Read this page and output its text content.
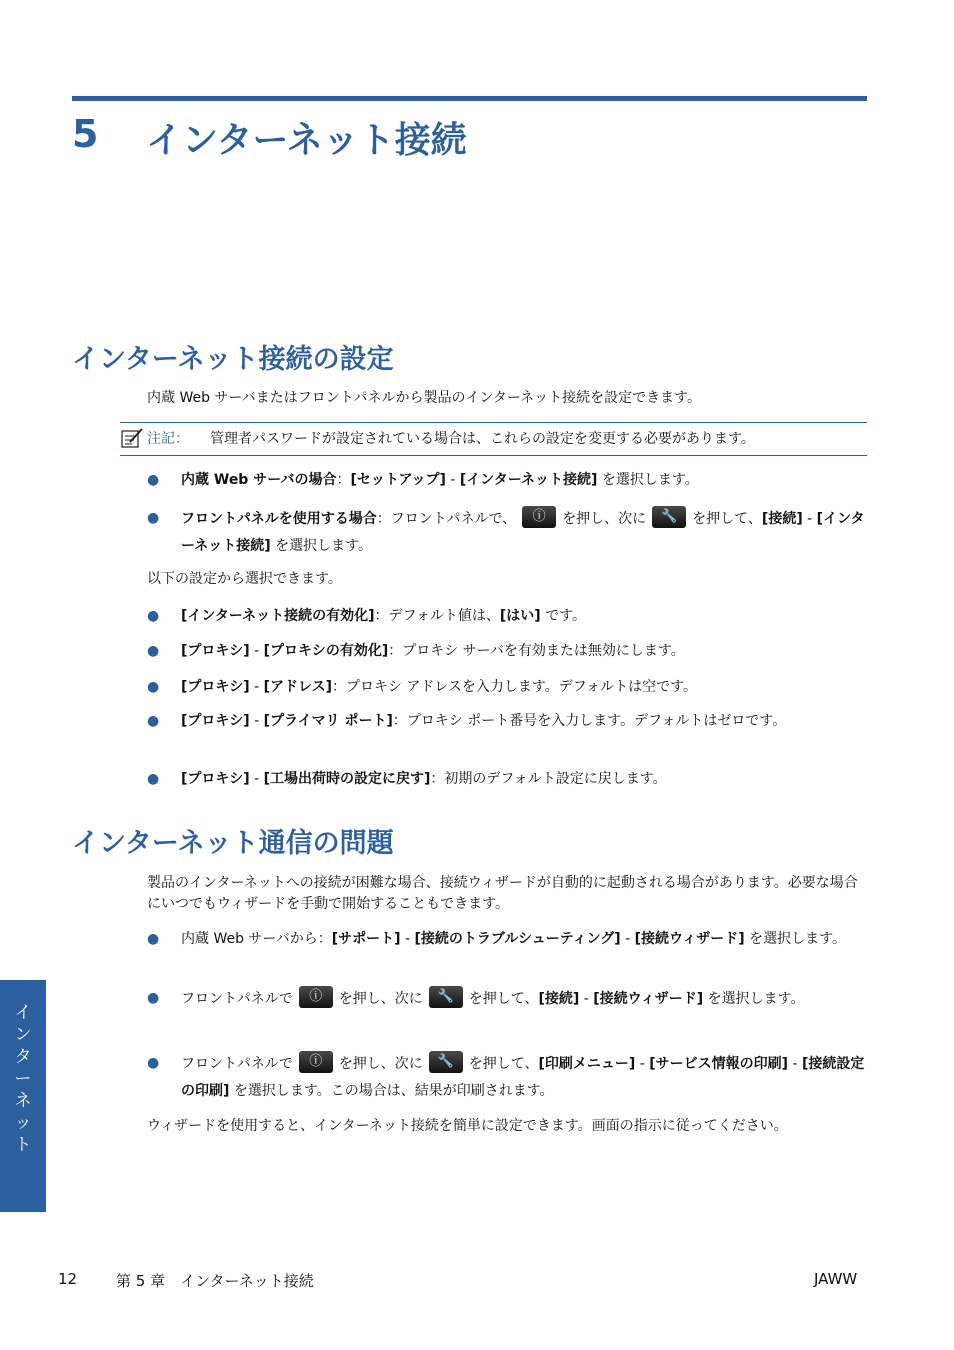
5 インターネット接続
インターネット接続の設定
内蔵 Web サーバまたはフロントパネルから製品のインターネット接続を設定できます。
注記： 管理者パスワードが設定されている場合は、これらの設定を変更する必要があります。
● 内蔵 Web サーバの場合：[セットアップ] - [インターネット接続] を選択します。
● フロントパネルを使用する場合：フロントパネルで、	ⓘ	を押し、次に	🔧	を押して、[接続] - [インターネット接続] を選択します。
以下の設定から選択できます。
● [インターネット接続の有効化]：デフォルト値は、[はい] です。
● [プロキシ] - [プロキシの有効化]：プロキシ サーバを有効または無効にします。
● [プロキシ] - [アドレス]：プロキシ アドレスを入力します。デフォルトは空です。
● [プロキシ] - [プライマリ ポート]：プロキシ ポート番号を入力します。デフォルトはゼロです。
● [プロキシ] - [工場出荷時の設定に戻す]：初期のデフォルト設定に戻します。
インターネット通信の問題
製品のインターネットへの接続が困難な場合、接続ウィザードが自動的に起動される場合があります。必要な場合にいつでもウィザードを手動で開始することもできます。
● 内蔵 Web サーバから：[サポート] - [接続のトラブルシューティング] - [接続ウィザード] を選択します。
● フロントパネルで	ⓘ	を押し、次に	🔧	を押して、[接続] - [接続ウィザード] を選択します。
● フロントパネルで	ⓘ	を押し、次に	🔧	を押して、[印刷メニュー] - [サービス情報の印刷] - [接続設定の印刷] を選択します。この場合は、結果が印刷されます。
ウィザードを使用すると、インターネット接続を簡単に設定できます。画面の指示に従ってください。
インターネット
12	第 5 章　インターネット接続	JAWW
